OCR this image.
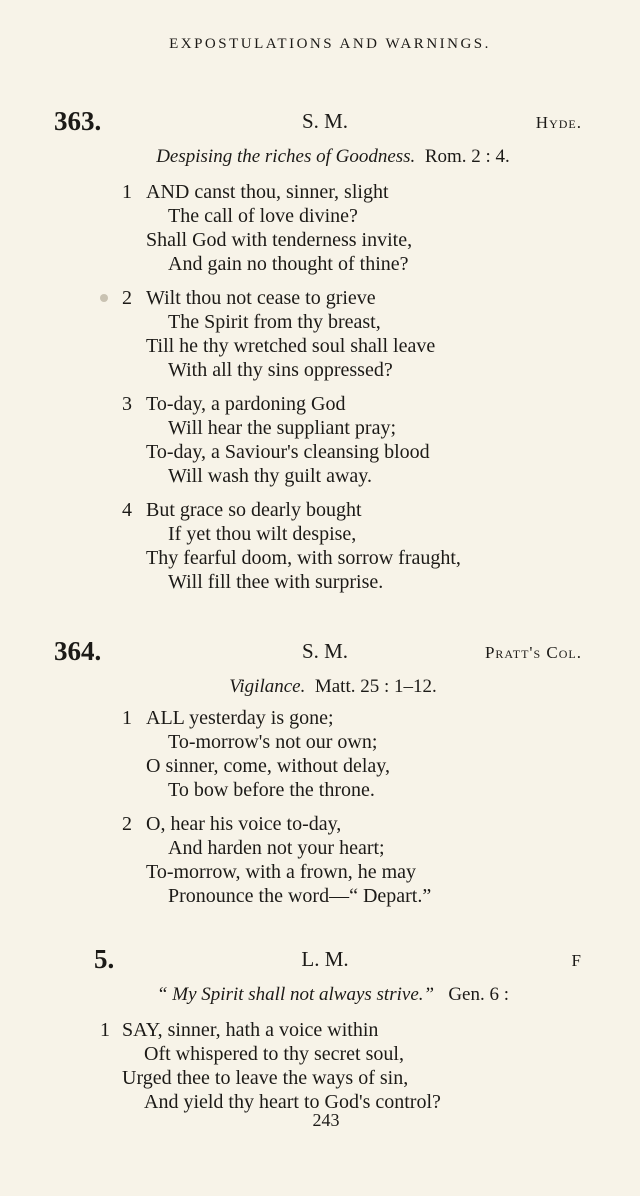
EXPOSTULATIONS AND WARNINGS.
363.	S. M.	Hyde.
Despising the riches of Goodness. Rom. 2 : 4.
1 AND canst thou, sinner, slight
The call of love divine?
Shall God with tenderness invite,
And gain no thought of thine?
2 Wilt thou not cease to grieve
The Spirit from thy breast,
Till he thy wretched soul shall leave
With all thy sins oppressed?
3 To-day, a pardoning God
Will hear the suppliant pray;
To-day, a Saviour's cleansing blood
Will wash thy guilt away.
4 But grace so dearly bought
If yet thou wilt despise,
Thy fearful doom, with sorrow fraught,
Will fill thee with surprise.
364.	S. M.	Pratt's Col.
Vigilance. Matt. 25 : 1–12.
1 ALL yesterday is gone;
To-morrow's not our own;
O sinner, come, without delay,
To bow before the throne.
2 O, hear his voice to-day,
And harden not your heart;
To-morrow, with a frown, he may
Pronounce the word—“ Depart.”
5.	L. M.	F
“ My Spirit shall not always strive.” Gen. 6 :
1 SAY, sinner, hath a voice within
Oft whispered to thy secret soul,
Urged thee to leave the ways of sin,
And yield thy heart to God's control?
243
